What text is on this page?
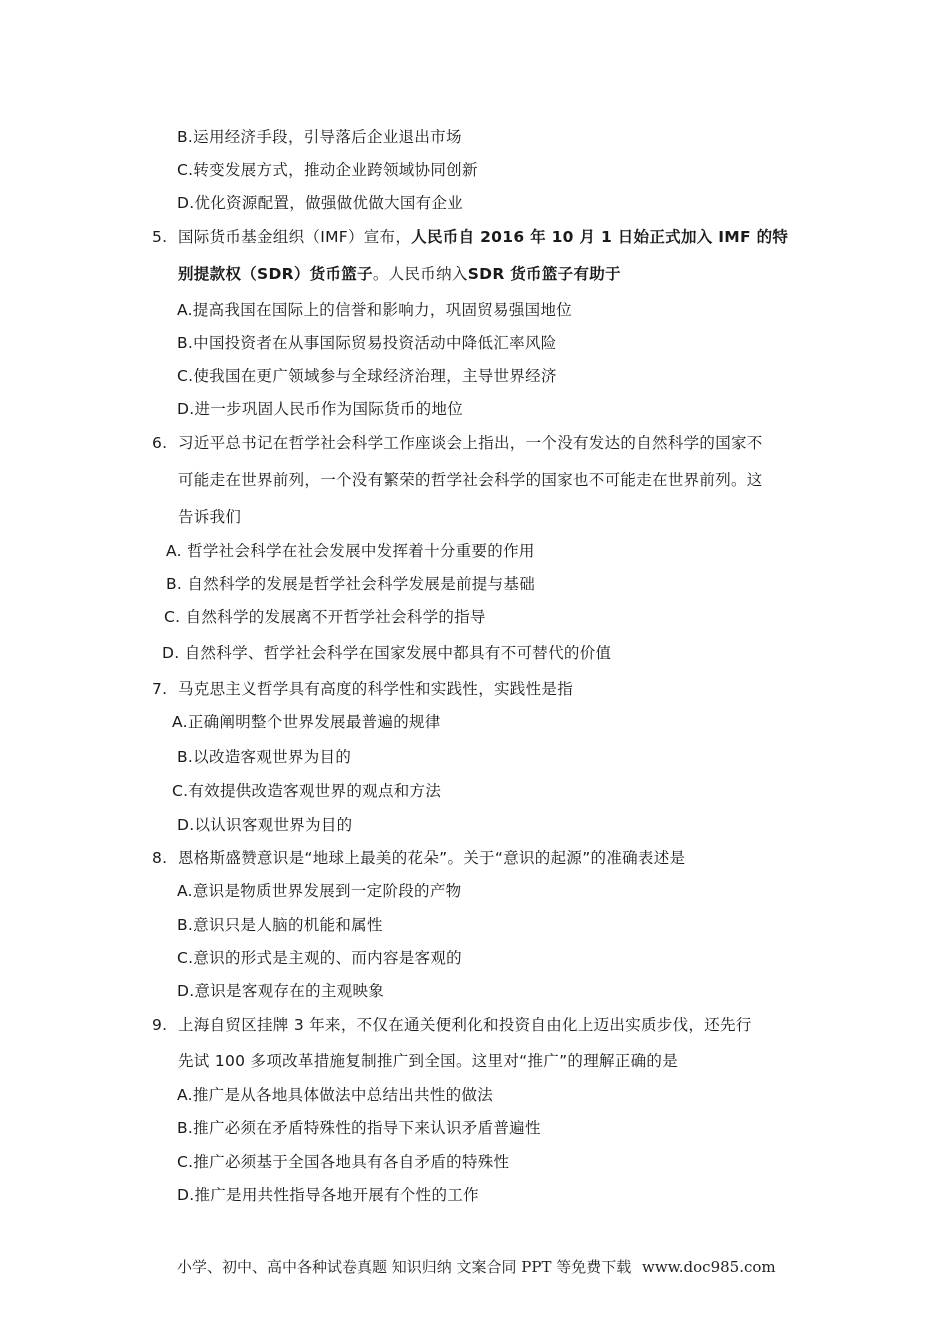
B.运用经济手段，引导落后企业退出市场
C.转变发展方式，推动企业跨领域协同创新
D.优化资源配置，做强做优做大国有企业
5. 国际货币基金组织（IMF）宣布，人民币自 2016 年 10 月 1 日始正式加入 IMF 的特
别提款权（SDR）货币篮子。人民币纳入SDR 货币篮子有助于
A.提高我国在国际上的信誉和影响力，巩固贸易强国地位
B.中国投资者在从事国际贸易投资活动中降低汇率风险
C.使我国在更广领域参与全球经济治理，主导世界经济
D.进一步巩固人民币作为国际货币的地位
6. 习近平总书记在哲学社会科学工作座谈会上指出，一个没有发达的自然科学的国家不
可能走在世界前列，一个没有繁荣的哲学社会科学的国家也不可能走在世界前列。这
告诉我们
A. 哲学社会科学在社会发展中发挥着十分重要的作用
B. 自然科学的发展是哲学社会科学发展是前提与基础
C. 自然科学的发展离不开哲学社会科学的指导
D. 自然科学、哲学社会科学在国家发展中都具有不可替代的价值
7. 马克思主义哲学具有高度的科学性和实践性，实践性是指
A.正确阐明整个世界发展最普遍的规律
B.以改造客观世界为目的
C.有效提供改造客观世界的观点和方法
D.以认识客观世界为目的
8. 恩格斯盛赞意识是“地球上最美的花朵”。关于“意识的起源”的准确表述是
A.意识是物质世界发展到一定阶段的产物
B.意识只是人脑的机能和属性
C.意识的形式是主观的、而内容是客观的
D.意识是客观存在的主观映象
9. 上海自贸区挂牌 3 年来，不仅在通关便利化和投资自由化上迈出实质步伐，还先行
先试 100 多项改革措施复制推广到全国。这里对“推广”的理解正确的是
A.推广是从各地具体做法中总结出共性的做法
B.推广必须在矛盾特殊性的指导下来认识矛盾普遍性
C.推广必须基于全国各地具有各自矛盾的特殊性
D.推广是用共性指导各地开展有个性的工作
小学、初中、高中各种试卷真题 知识归纳 文案合同 PPT 等免费下载 www.doc985.com
